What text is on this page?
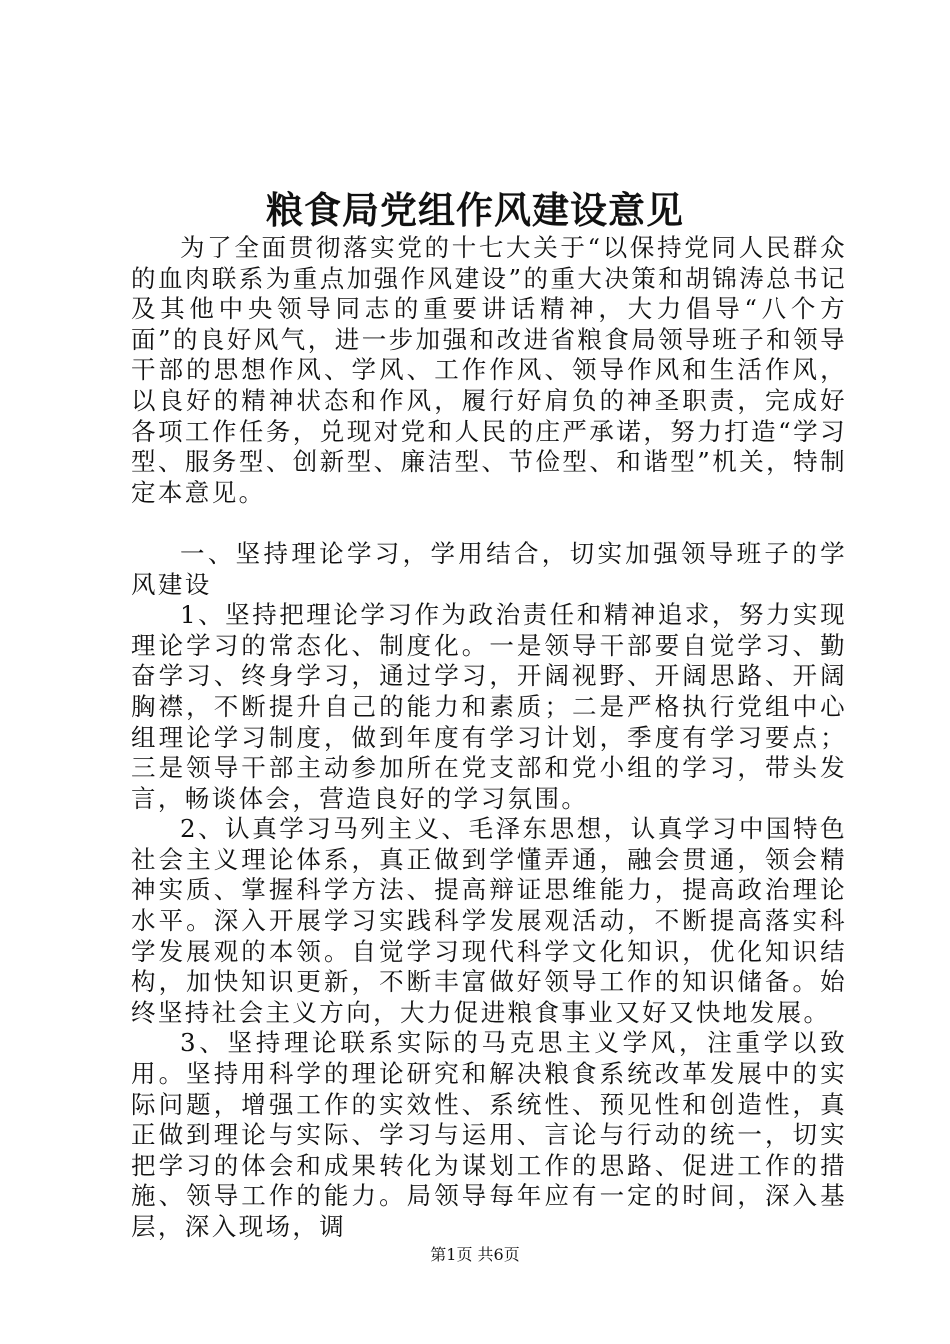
粮食局党组作风建设意见

为了全面贯彻落实党的十七大关于“以保持党同人民群众的血肉联系为重点加强作风建设”的重大决策和胡锦涛总书记及其他中央领导同志的重要讲话精神，大力倡导“八个方面”的良好风气，进一步加强和改进省粮食局领导班子和领导干部的思想作风、学风、工作作风、领导作风和生活作风，以良好的精神状态和作风，履行好肩负的神圣职责，完成好各项工作任务，兑现对党和人民的庄严承诺，努力打造“学习型、服务型、创新型、廉洁型、节俭型、和谐型”机关，特制定本意见。

一、坚持理论学习，学用结合，切实加强领导班子的学风建设

1、坚持把理论学习作为政治责任和精神追求，努力实现理论学习的常态化、制度化。一是领导干部要自觉学习、勤奋学习、终身学习，通过学习，开阔视野、开阔思路、开阔胸襟，不断提升自己的能力和素质；二是严格执行党组中心组理论学习制度，做到年度有学习计划，季度有学习要点；三是领导干部主动参加所在党支部和党小组的学习，带头发言，畅谈体会，营造良好的学习氛围。

2、认真学习马列主义、毛泽东思想，认真学习中国特色社会主义理论体系，真正做到学懂弄通，融会贯通，领会精神实质、掌握科学方法、提高辩证思维能力，提高政治理论水平。深入开展学习实践科学发展观活动，不断提高落实科学发展观的本领。自觉学习现代科学文化知识，优化知识结构，加快知识更新，不断丰富做好领导工作的知识储备。始终坚持社会主义方向，大力促进粮食事业又好又快地发展。

3、坚持理论联系实际的马克思主义学风，注重学以致用。坚持用科学的理论研究和解决粮食系统改革发展中的实际问题，增强工作的实效性、系统性、预见性和创造性，真正做到理论与实际、学习与运用、言论与行动的统一，切实把学习的体会和成果转化为谋划工作的思路、促进工作的措施、领导工作的能力。局领导每年应有一定的时间，深入基层，深入现场，调

第1页 共6页
